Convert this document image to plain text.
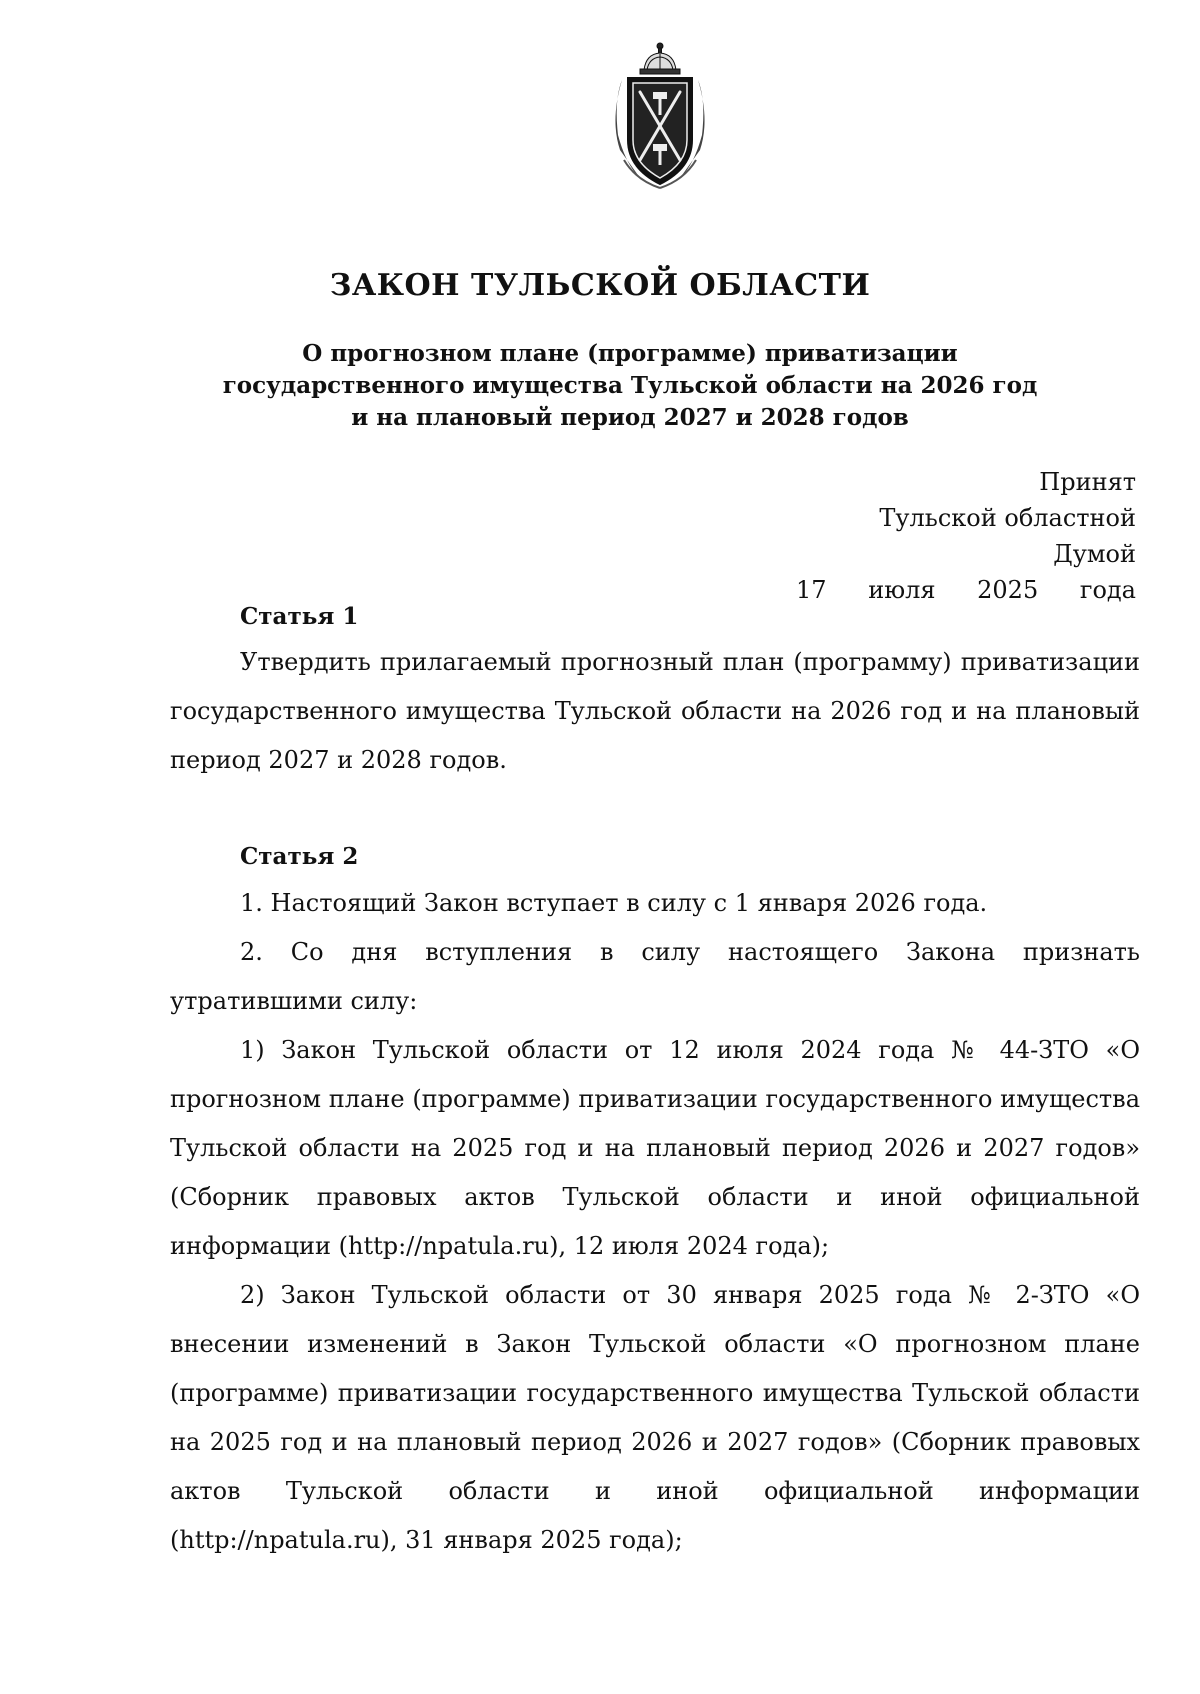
ЗАКОН ТУЛЬСКОЙ ОБЛАСТИ
О прогнозном плане (программе) приватизации
государственного имущества Тульской области на 2026 год
и на плановый период 2027 и 2028 годов
Принят
Тульской областной Думой
17 июля 2025 года
Статья 1

Утвердить прилагаемый прогнозный план (программу) приватизации государственного имущества Тульской области на 2026 год и на плановый период 2027 и 2028 годов.

Статья 2

1. Настоящий Закон вступает в силу с 1 января 2026 года.

2. Со дня вступления в силу настоящего Закона признать утратившими силу:

1) Закон Тульской области от 12 июля 2024 года № 44-ЗТО «О прогнозном плане (программе) приватизации государственного имущества Тульской области на 2025 год и на плановый период 2026 и 2027 годов» (Сборник правовых актов Тульской области и иной официальной информации (http://npatula.ru), 12 июля 2024 года);

2) Закон Тульской области от 30 января 2025 года № 2-ЗТО «О внесении изменений в Закон Тульской области «О прогнозном плане (программе) приватизации государственного имущества Тульской области на 2025 год и на плановый период 2026 и 2027 годов» (Сборник правовых актов Тульской области и иной официальной информации (http://npatula.ru), 31 января 2025 года);
